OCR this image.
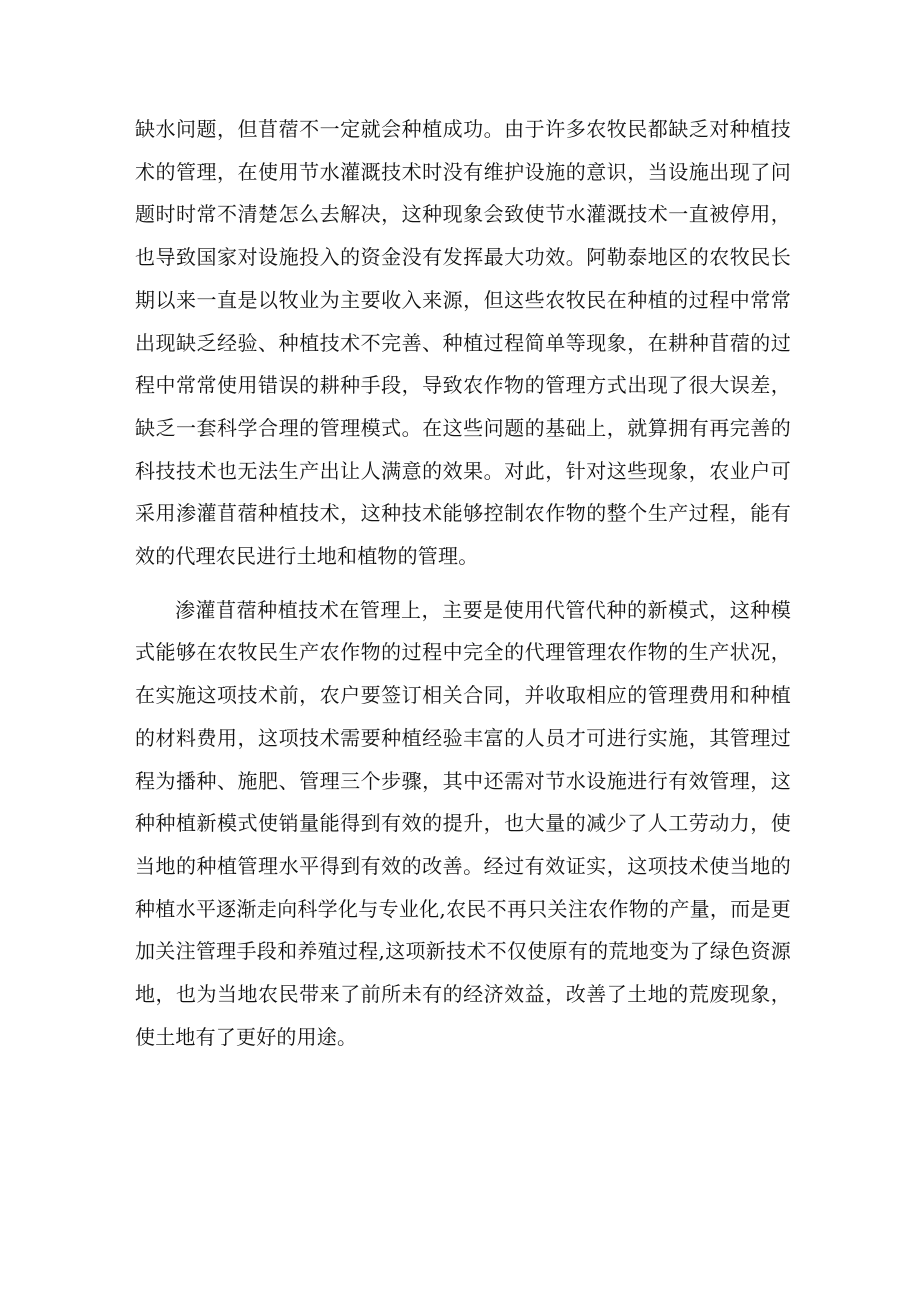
缺水问题，但苜蓿不一定就会种植成功。由于许多农牧民都缺乏对种植技术的管理，在使用节水灌溉技术时没有维护设施的意识，当设施出现了问题时时常不清楚怎么去解决，这种现象会致使节水灌溉技术一直被停用，也导致国家对设施投入的资金没有发挥最大功效。阿勒泰地区的农牧民长期以来一直是以牧业为主要收入来源，但这些农牧民在种植的过程中常常出现缺乏经验、种植技术不完善、种植过程简单等现象，在耕种苜蓿的过程中常常使用错误的耕种手段，导致农作物的管理方式出现了很大误差，缺乏一套科学合理的管理模式。在这些问题的基础上，就算拥有再完善的科技技术也无法生产出让人满意的效果。对此，针对这些现象，农业户可采用渗灌苜蓿种植技术，这种技术能够控制农作物的整个生产过程，能有效的代理农民进行土地和植物的管理。

渗灌苜蓿种植技术在管理上，主要是使用代管代种的新模式，这种模式能够在农牧民生产农作物的过程中完全的代理管理农作物的生产状况，在实施这项技术前，农户要签订相关合同，并收取相应的管理费用和种植的材料费用，这项技术需要种植经验丰富的人员才可进行实施，其管理过程为播种、施肥、管理三个步骤，其中还需对节水设施进行有效管理，这种种植新模式使销量能得到有效的提升，也大量的减少了人工劳动力，使当地的种植管理水平得到有效的改善。经过有效证实，这项技术使当地的种植水平逐渐走向科学化与专业化,农民不再只关注农作物的产量，而是更加关注管理手段和养殖过程,这项新技术不仅使原有的荒地变为了绿色资源地，也为当地农民带来了前所未有的经济效益，改善了土地的荒废现象，使土地有了更好的用途。
